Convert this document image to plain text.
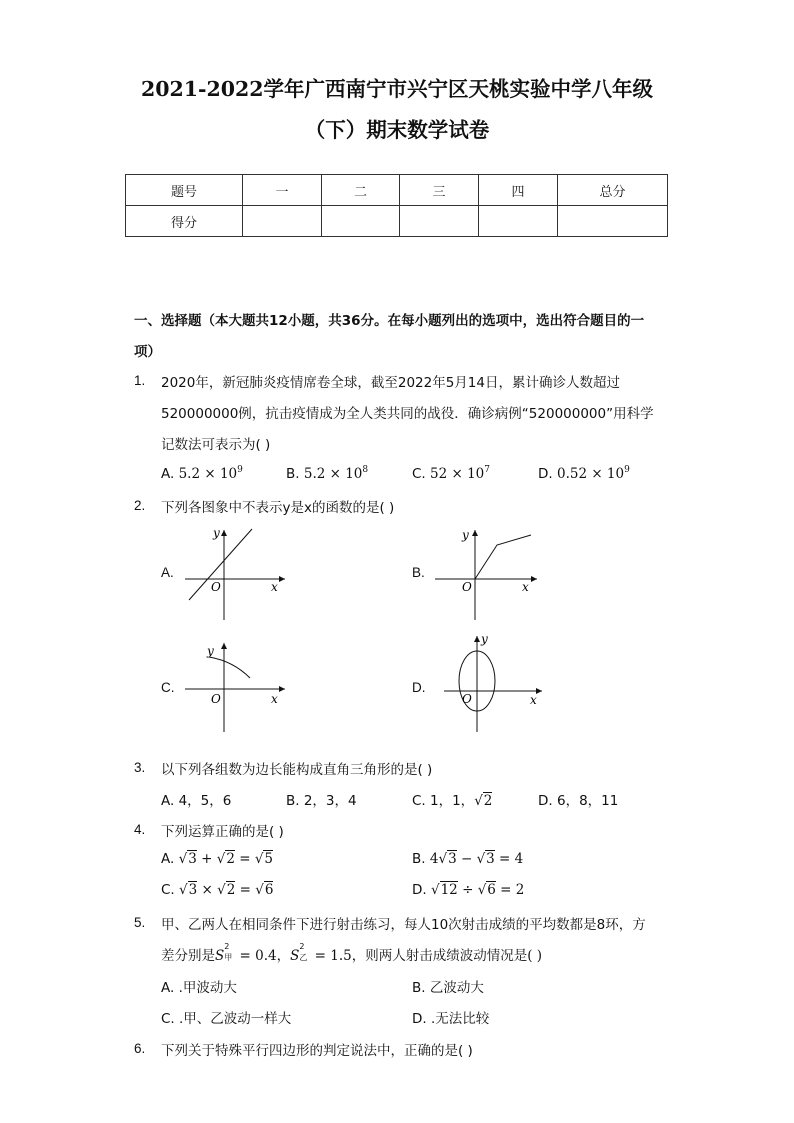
2021-2022学年广西南宁市兴宁区天桃实验中学八年级
（下）期末数学试卷
题号	一	二	三	四	总分
得分					
一、选择题（本大题共12小题，共36分。在每小题列出的选项中，选出符合题目的一
项）
1. 2020年，新冠肺炎疫情席卷全球，截至2022年5月14日，累计确诊人数超过
520000000例，抗击疫情成为全人类共同的战役．确诊病例“520000000”用科学
记数法可表示为( )
A. $5.2 \times 10^9$	B. $5.2 \times 10^8$	C. $52 \times 10^7$	D. $0.52 \times 10^9$
2. 下列各图象中不表示y是x的函数的是( )
A.
y
O	x
B.
y
O	x
C.
y
O	x
D.
y
O	x
3. 以下列各组数为边长能构成直角三角形的是( )
A. 4，5，6	B. 2，3，4	C. 1，1，√2	D. 6，8，11
4. 下列运算正确的是( )
A. √3 + √2 = √5	B. 4√3 − √3 = 4
C. √3 × √2 = √6	D. √12 ÷ √6 = 2
5. 甲、乙两人在相同条件下进行射击练习，每人10次射击成绩的平均数都是8环，方
差分别是S
2
甲 = 0.4，S
2
乙 = 1.5，则两人射击成绩波动情况是( )
A. .甲波动大	B. 乙波动大
C. .甲、乙波动一样大	D. .无法比较
6. 下列关于特殊平行四边形的判定说法中，正确的是( )
